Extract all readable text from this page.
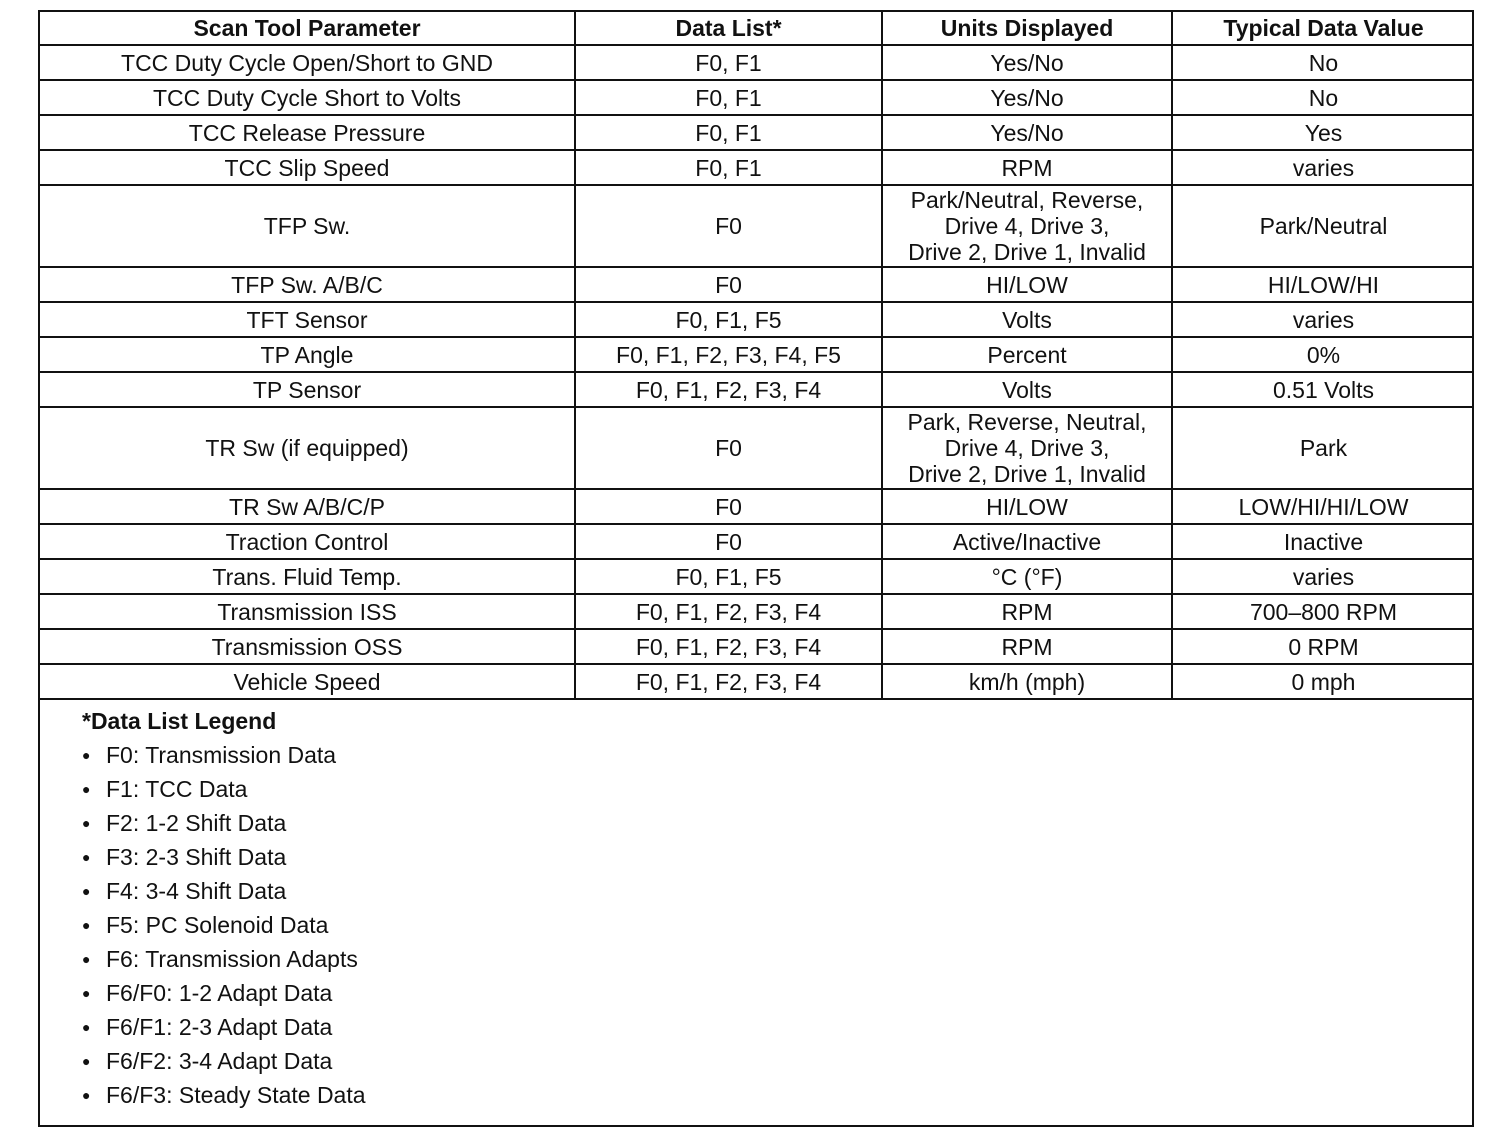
Scan Tool Parameter	Data List*	Units Displayed	Typical Data Value
TCC Duty Cycle Open/Short to GND	F0, F1	Yes/No	No
TCC Duty Cycle Short to Volts	F0, F1	Yes/No	No
TCC Release Pressure	F0, F1	Yes/No	Yes
TCC Slip Speed	F0, F1	RPM	varies
TFP Sw.	F0	Park/Neutral, Reverse,
Drive 4, Drive 3,
Drive 2, Drive 1, Invalid	Park/Neutral
TFP Sw. A/B/C	F0	HI/LOW	HI/LOW/HI
TFT Sensor	F0, F1, F5	Volts	varies
TP Angle	F0, F1, F2, F3, F4, F5	Percent	0%
TP Sensor	F0, F1, F2, F3, F4	Volts	0.51 Volts
TR Sw (if equipped)	F0	Park, Reverse, Neutral,
Drive 4, Drive 3,
Drive 2, Drive 1, Invalid	Park
TR Sw A/B/C/P	F0	HI/LOW	LOW/HI/HI/LOW
Traction Control	F0	Active/Inactive	Inactive
Trans. Fluid Temp.	F0, F1, F5	°C (°F)	varies
Transmission ISS	F0, F1, F2, F3, F4	RPM	700–800 RPM
Transmission OSS	F0, F1, F2, F3, F4	RPM	0 RPM
Vehicle Speed	F0, F1, F2, F3, F4	km/h (mph)	0 mph

*Data List Legend

● F0: Transmission Data
● F1: TCC Data
● F2: 1-2 Shift Data
● F3: 2-3 Shift Data
● F4: 3-4 Shift Data
● F5: PC Solenoid Data
● F6: Transmission Adapts
● F6/F0: 1-2 Adapt Data
● F6/F1: 2-3 Adapt Data
● F6/F2: 3-4 Adapt Data
● F6/F3: Steady State Data
